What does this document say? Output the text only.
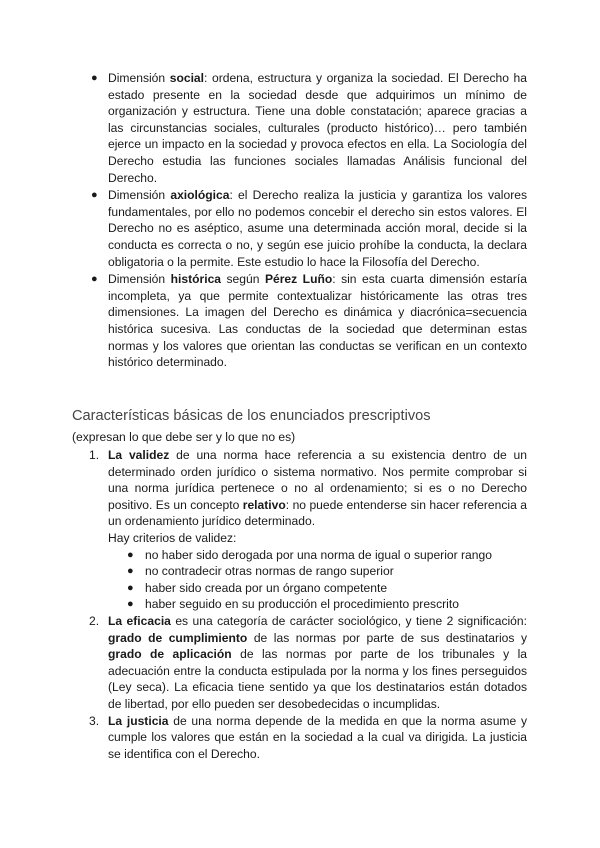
● Dimensión social: ordena, estructura y organiza la sociedad. El Derecho ha estado presente en la sociedad desde que adquirimos un mínimo de organización y estructura. Tiene una doble constatación; aparece gracias a las circunstancias sociales, culturales (producto histórico)… pero también ejerce un impacto en la sociedad y provoca efectos en ella. La Sociología del Derecho estudia las funciones sociales llamadas Análisis funcional del Derecho.
● Dimensión axiológica: el Derecho realiza la justicia y garantiza los valores fundamentales, por ello no podemos concebir el derecho sin estos valores. El Derecho no es aséptico, asume una determinada acción moral, decide si la conducta es correcta o no, y según ese juicio prohíbe la conducta, la declara obligatoria o la permite. Este estudio lo hace la Filosofía del Derecho.
● Dimensión histórica según Pérez Luño: sin esta cuarta dimensión estaría incompleta, ya que permite contextualizar históricamente las otras tres dimensiones. La imagen del Derecho es dinámica y diacrónica=secuencia histórica sucesiva. Las conductas de la sociedad que determinan estas normas y los valores que orientan las conductas se verifican en un contexto histórico determinado.
Características básicas de los enunciados prescriptivos

(expresan lo que debe ser y lo que no es)

1. La validez de una norma hace referencia a su existencia dentro de un determinado orden jurídico o sistema normativo. Nos permite comprobar si una norma jurídica pertenece o no al ordenamiento; si es o no Derecho positivo. Es un concepto relativo: no puede entenderse sin hacer referencia a un ordenamiento jurídico determinado.

Hay criterios de validez:

● no haber sido derogada por una norma de igual o superior rango
● no contradecir otras normas de rango superior
● haber sido creada por un órgano competente
● haber seguido en su producción el procedimiento prescrito
2. La eficacia es una categoría de carácter sociológico, y tiene 2 significación: grado de cumplimiento de las normas por parte de sus destinatarios y grado de aplicación de las normas por parte de los tribunales y la adecuación entre la conducta estipulada por la norma y los fines perseguidos (Ley seca). La eficacia tiene sentido ya que los destinatarios están dotados de libertad, por ello pueden ser desobedecidas o incumplidas.

3. La justicia de una norma depende de la medida en que la norma asume y cumple los valores que están en la sociedad a la cual va dirigida. La justicia se identifica con el Derecho.
